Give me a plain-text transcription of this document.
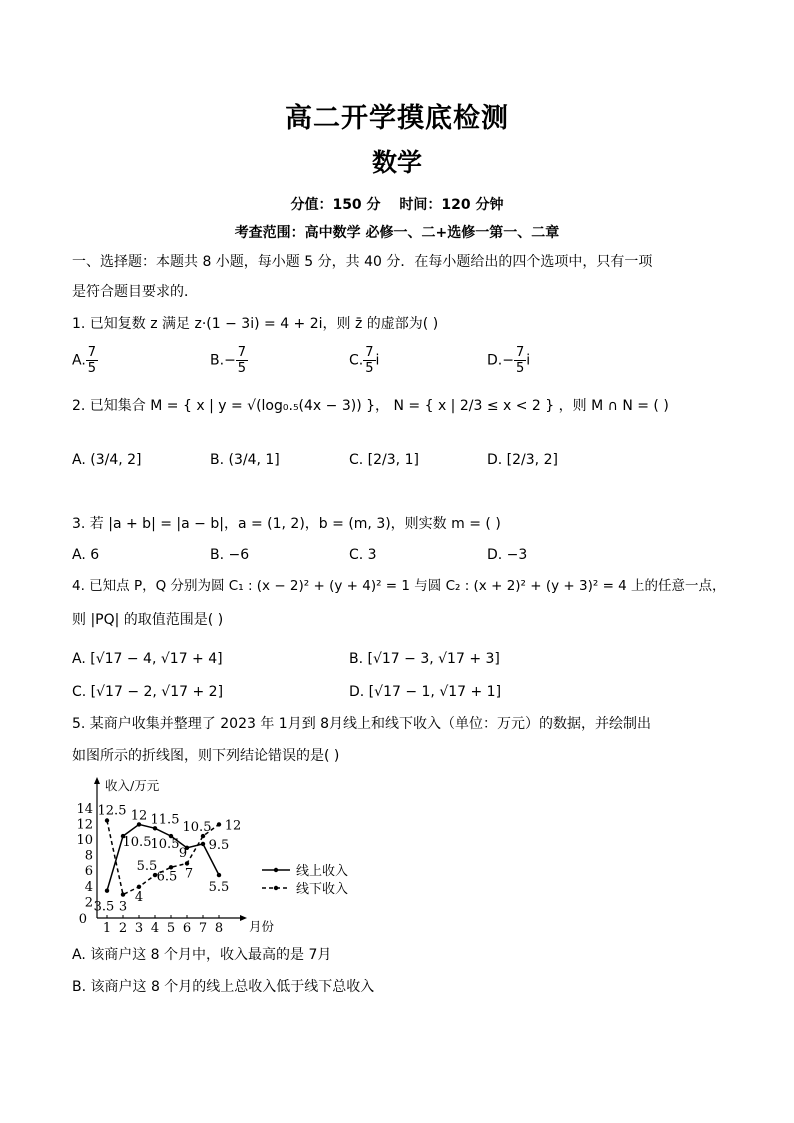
高二开学摸底检测
数学
分值：150 分　 时间：120 分钟
考查范围：高中数学 必修一、二+选修一第一、二章
一、选择题：本题共 8 小题，每小题 5 分，共 40 分．在每小题给出的四个选项中，只有一项
是符合题目要求的．
1. 已知复数 z 满足 z·(1 − 3i) = 4 + 2i，则 z̄ 的虚部为( )
A. $\frac{7}{5}$	$B.- \frac{7}{5}$	C. $\frac{7}{5}$ i	$D.- \frac{7}{5}$ i
2. 已知集合 M = { x | y = √(log₀.₅(4x − 3)) }， N = { x | 2/3 ≤ x < 2 } ，则 M ∩ N = ( )
A. (3/4, 2]	B. (3/4, 1]	C. [2/3, 1]	D. [2/3, 2]
3. 若 |a + b| = |a − b|，a = (1, 2)，b = (m, 3)，则实数 m = ( )
A. 6	B. −6	C. 3	D. −3
4. 已知点 P，Q 分别为圆 C₁ : (x − 2)² + (y + 4)² = 1 与圆 C₂ : (x + 2)² + (y + 3)² = 4 上的任意一点，
则 |PQ| 的取值范围是( )
A. [√17 − 4, √17 + 4]	B. [√17 − 3, √17 + 3]
C. [√17 − 2, √17 + 2]	D. [√17 − 1, √17 + 1]
5. 某商户收集并整理了 2023 年 1月到 8月线上和线下收入（单位：万元）的数据，并绘制出
如图所示的折线图，则下列结论错误的是( )
收入/万元
月份
2
4
6
8
10
12
14
0
1 2 3 4 5 6 7 8
3.5
10.5
12 11.5
10.5
9
9.5
5.5
12.5
3
4
5.5
6.5 7
10.5 12
线上收入
线下收入
A. 该商户这 8 个月中，收入最高的是 7月
B. 该商户这 8 个月的线上总收入低于线下总收入
